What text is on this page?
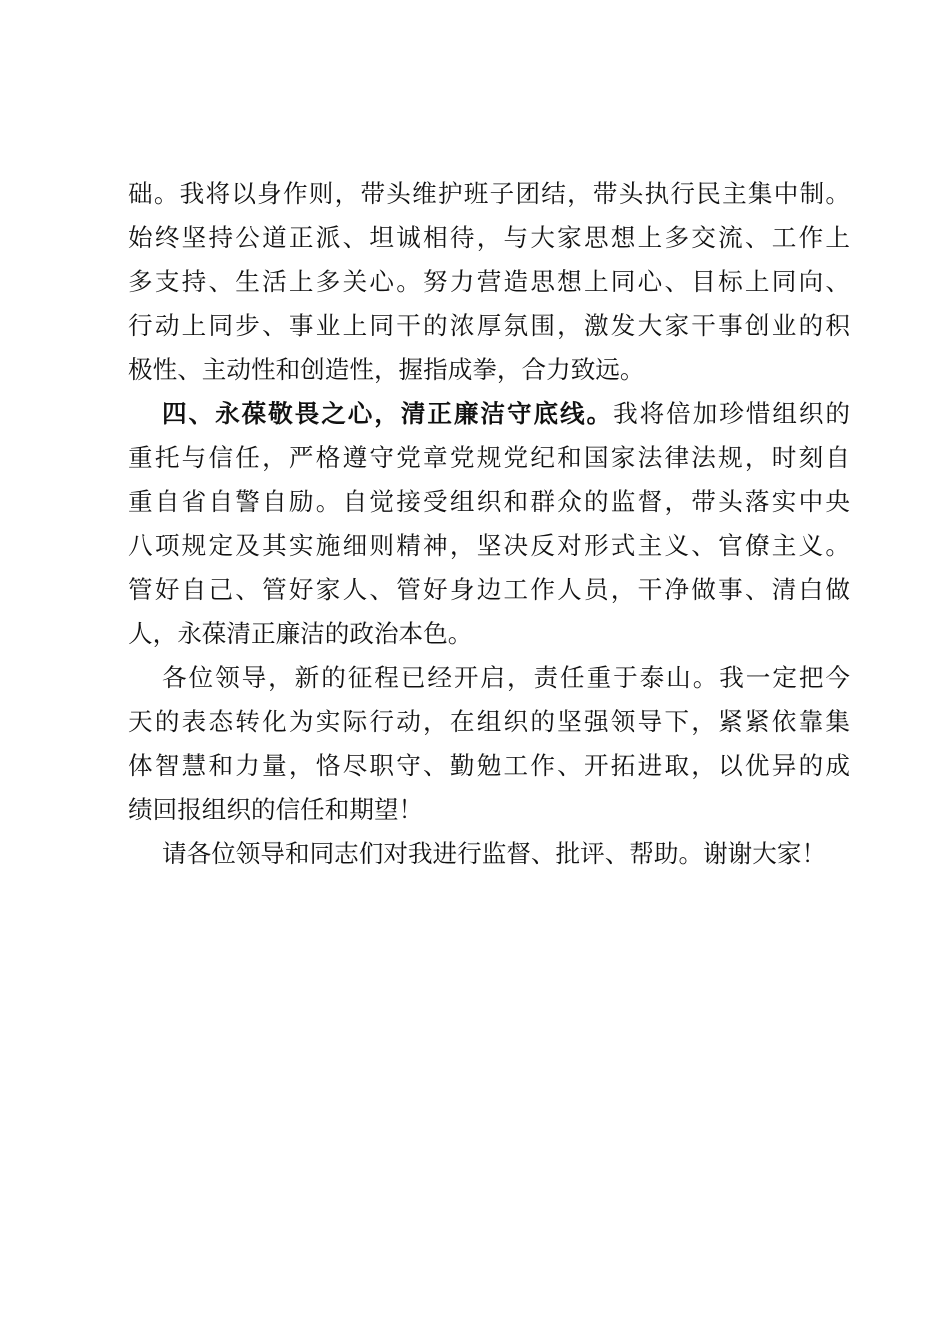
础。我将以身作则，带头维护班子团结，带头执行民主集中制。
始终坚持公道正派、坦诚相待，与大家思想上多交流、工作上
多支持、生活上多关心。努力营造思想上同心、目标上同向、
行动上同步、事业上同干的浓厚氛围，激发大家干事创业的积
极性、主动性和创造性，握指成拳，合力致远。
四、永葆敬畏之心，清正廉洁守底线。我将倍加珍惜组织的
重托与信任，严格遵守党章党规党纪和国家法律法规，时刻自
重自省自警自励。自觉接受组织和群众的监督，带头落实中央
八项规定及其实施细则精神，坚决反对形式主义、官僚主义。
管好自己、管好家人、管好身边工作人员，干净做事、清白做
人，永葆清正廉洁的政治本色。
各位领导，新的征程已经开启，责任重于泰山。我一定把今
天的表态转化为实际行动，在组织的坚强领导下，紧紧依靠集
体智慧和力量，恪尽职守、勤勉工作、开拓进取，以优异的成
绩回报组织的信任和期望！
请各位领导和同志们对我进行监督、批评、帮助。谢谢大家！
